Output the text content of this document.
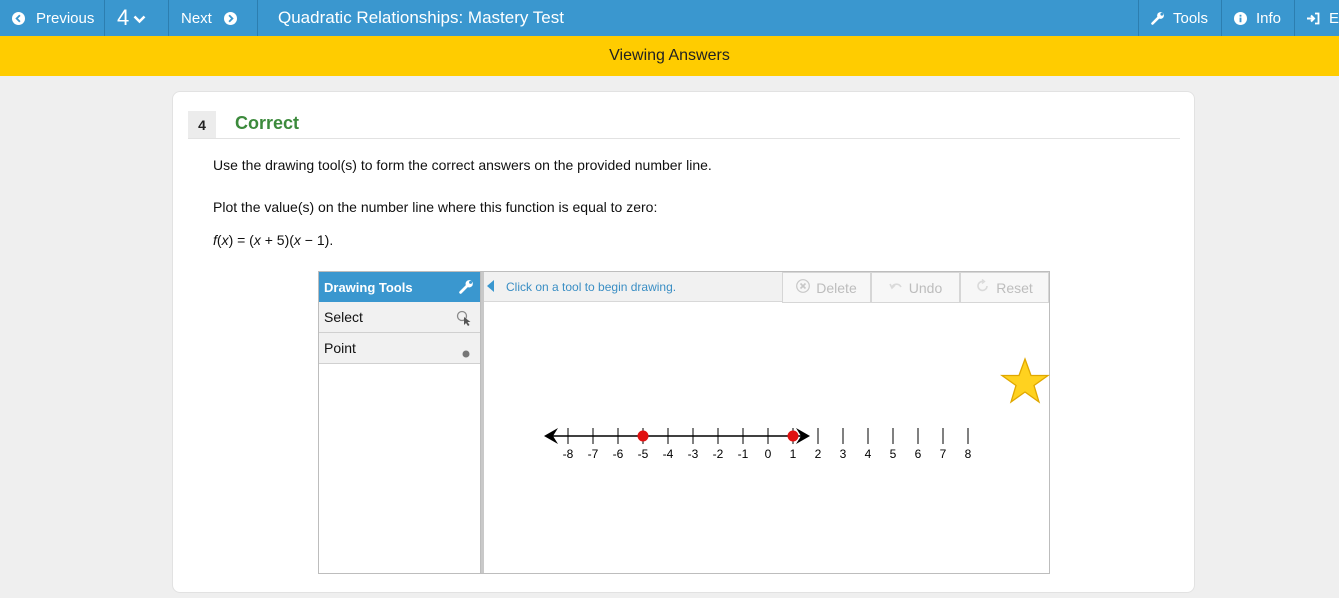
Previous 4	Next	Quadratic Relationships: Mastery Test	Tools	Info	E
Viewing Answers
4	Correct
Use the drawing tool(s) to form the correct answers on the provided number line.
Plot the value(s) on the number line where this function is equal to zero:
f(x) = (x + 5)(x − 1).
Drawing Tools
Select
Point
Click on a tool to begin drawing.	Delete	Undo	Reset
-8 -7 -6 -5 -4 -3 -2 -1 0 1 2 3 4 5 6 7 8
